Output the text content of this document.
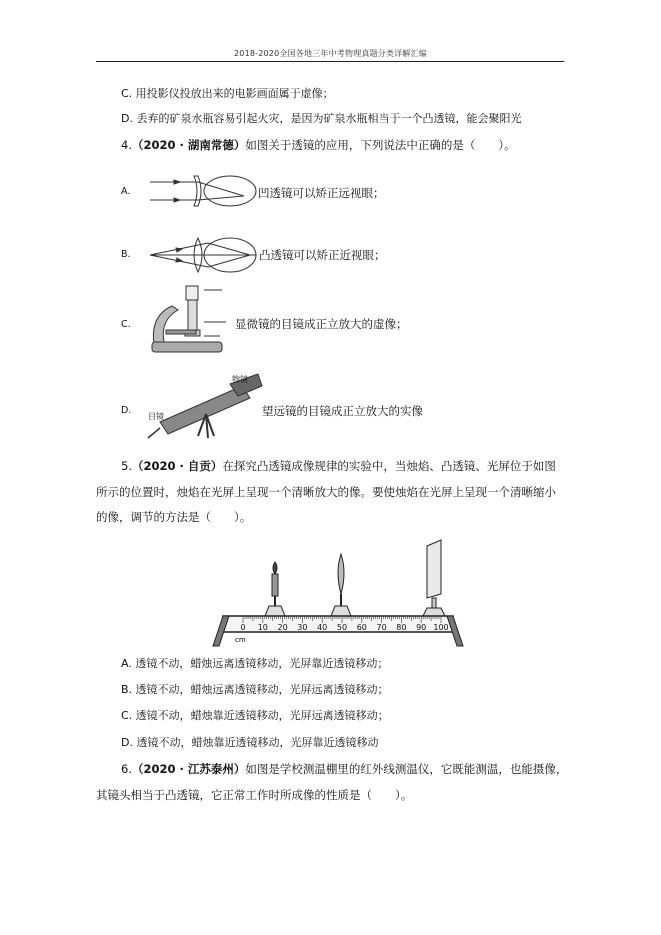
2018-2020全国各地三年中考物理真题分类详解汇编
C. 用投影仪投放出来的电影画面属于虚像；
D. 丢弃的矿泉水瓶容易引起火灾，是因为矿泉水瓶相当于一个凸透镜，能会聚阳光
4.（2020 · 湖南常德）如图关于透镜的应用，下列说法中正确的是（　　）。
A.	凹透镜可以矫正远视眼；
B.	凸透镜可以矫正近视眼；
C.	显微镜的目镜成正立放大的虚像；
D.
物镜
目镜	望远镜的目镜成正立放大的实像
5.（2020 · 自贡）在探究凸透镜成像规律的实验中，当烛焰、凸透镜、光屏位于如图
所示的位置时，烛焰在光屏上呈现一个清晰放大的像。要使烛焰在光屏上呈现一个清晰缩小
的像，调节的方法是（　　）。
0 10 20 30 40 50 60 70 80 90 100
cm
A. 透镜不动，蜡烛远离透镜移动，光屏靠近透镜移动；
B. 透镜不动，蜡烛远离透镜移动，光屏远离透镜移动；
C. 透镜不动，蜡烛靠近透镜移动，光屏远离透镜移动；
D. 透镜不动，蜡烛靠近透镜移动，光屏靠近透镜移动
6.（2020 · 江苏泰州）如图是学校测温棚里的红外线测温仪，它既能测温，也能摄像，
其镜头相当于凸透镜，它正常工作时所成像的性质是（　　）。
